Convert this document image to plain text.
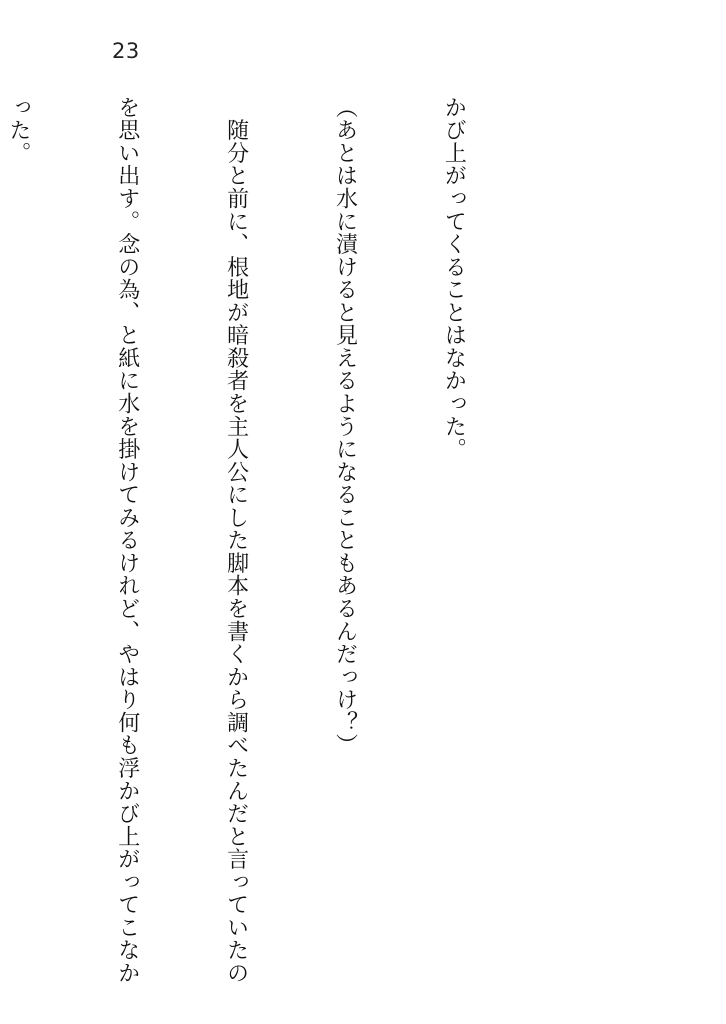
23

かび上がってくることはなかった。

（あとは水に漬けると見えるようになることもあるんだっけ？）

　随分と前に、根地が暗殺者を主人公にした脚本を書くから調べたんだと言っていたの

を思い出す。念の為、と紙に水を掛けてみるけれど、やはり何も浮かび上がってこなか

った。
